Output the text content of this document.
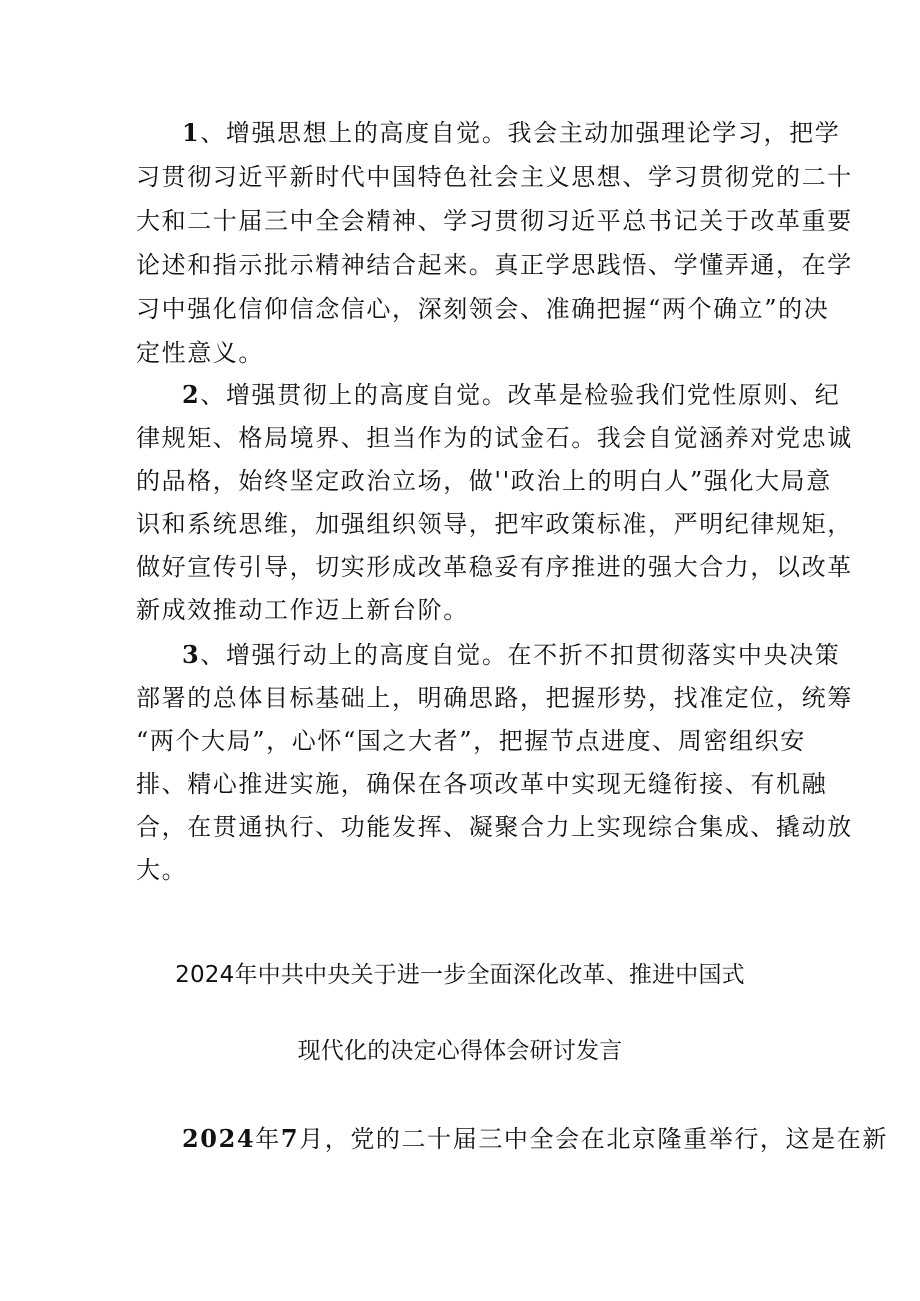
1、增强思想上的高度自觉。我会主动加强理论学习，把学
习贯彻习近平新时代中国特色社会主义思想、学习贯彻党的二十
大和二十届三中全会精神、学习贯彻习近平总书记关于改革重要
论述和指示批示精神结合起来。真正学思践悟、学懂弄通，在学
习中强化信仰信念信心，深刻领会、准确把握“两个确立”的决
定性意义。
2、增强贯彻上的高度自觉。改革是检验我们党性原则、纪
律规矩、格局境界、担当作为的试金石。我会自觉涵养对党忠诚
的品格，始终坚定政治立场，做''政治上的明白人”强化大局意
识和系统思维，加强组织领导，把牢政策标准，严明纪律规矩，
做好宣传引导，切实形成改革稳妥有序推进的强大合力，以改革
新成效推动工作迈上新台阶。
3、增强行动上的高度自觉。在不折不扣贯彻落实中央决策
部署的总体目标基础上，明确思路，把握形势，找准定位，统筹
“两个大局”，心怀“国之大者”，把握节点进度、周密组织安
排、精心推进实施，确保在各项改革中实现无缝衔接、有机融
合，在贯通执行、功能发挥、凝聚合力上实现综合集成、撬动放
大。
2024年中共中央关于进一步全面深化改革、推进中国式
现代化的决定心得体会研讨发言
2024年7月，党的二十届三中全会在北京隆重举行，这是在新
